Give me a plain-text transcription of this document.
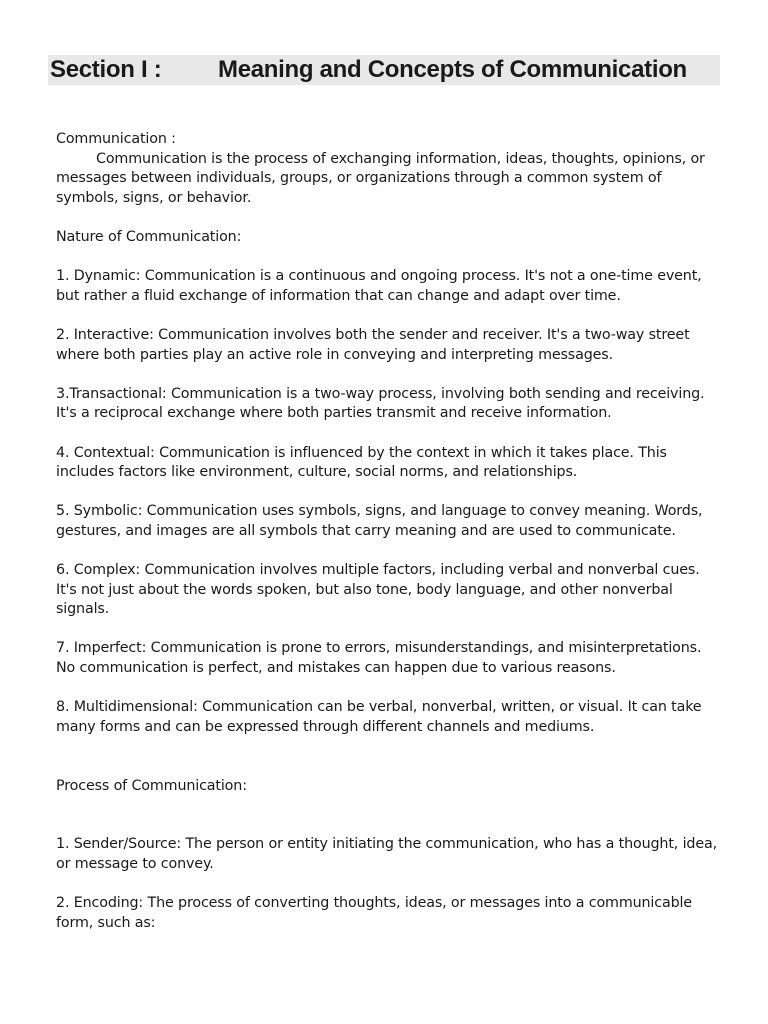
Section I : Meaning and Concepts of Communication

Communication :

Communication is the process of exchanging information, ideas, thoughts, opinions, or messages between individuals, groups, or organizations through a common system of symbols, signs, or behavior.

Nature of Communication:

1. Dynamic: Communication is a continuous and ongoing process. It's not a one-time event, but rather a fluid exchange of information that can change and adapt over time.

2. Interactive: Communication involves both the sender and receiver. It's a two-way street where both parties play an active role in conveying and interpreting messages.

3.Transactional: Communication is a two-way process, involving both sending and receiving. It's a reciprocal exchange where both parties transmit and receive information.

4. Contextual: Communication is influenced by the context in which it takes place. This includes factors like environment, culture, social norms, and relationships.

5. Symbolic: Communication uses symbols, signs, and language to convey meaning. Words, gestures, and images are all symbols that carry meaning and are used to communicate.

6. Complex: Communication involves multiple factors, including verbal and nonverbal cues. It's not just about the words spoken, but also tone, body language, and other nonverbal signals.

7. Imperfect: Communication is prone to errors, misunderstandings, and misinterpretations. No communication is perfect, and mistakes can happen due to various reasons.

8. Multidimensional: Communication can be verbal, nonverbal, written, or visual. It can take many forms and can be expressed through different channels and mediums.

Process of Communication:

1. Sender/Source: The person or entity initiating the communication, who has a thought, idea, or message to convey.

2. Encoding: The process of converting thoughts, ideas, or messages into a communicable form, such as:
